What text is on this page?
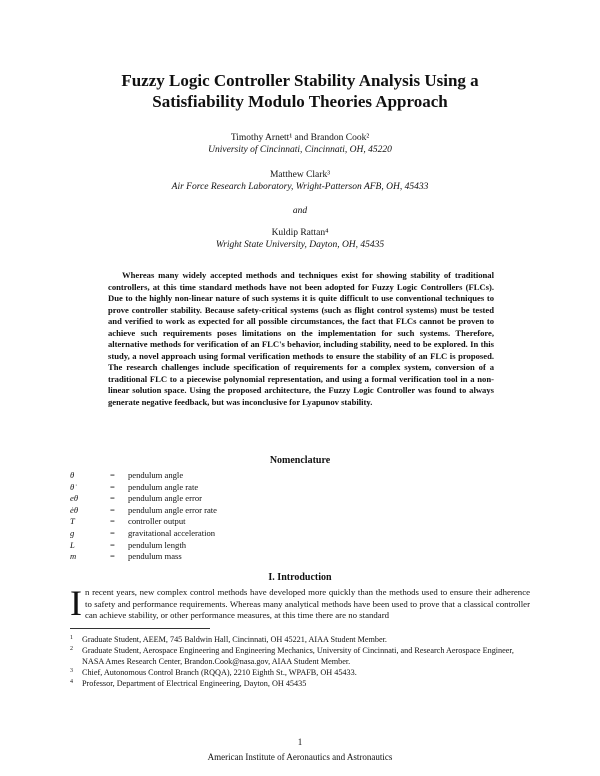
Fuzzy Logic Controller Stability Analysis Using a
Satisfiability Modulo Theories Approach
Timothy Arnett¹ and Brandon Cook²
University of Cincinnati, Cincinnati, OH, 45220
Matthew Clark³
Air Force Research Laboratory, Wright-Patterson AFB, OH, 45433
and
Kuldip Rattan⁴
Wright State University, Dayton, OH, 45435
Whereas many widely accepted methods and techniques exist for showing stability of traditional controllers, at this time standard methods have not been adopted for Fuzzy Logic Controllers (FLCs). Due to the highly non-linear nature of such systems it is quite difficult to use conventional techniques to prove controller stability. Because safety-critical systems (such as flight control systems) must be tested and verified to work as expected for all possible circumstances, the fact that FLCs cannot be proven to achieve such requirements poses limitations on the implementation for such systems. Therefore, alternative methods for verification of an FLC's behavior, including stability, need to be explored. In this study, a novel approach using formal verification methods to ensure the stability of an FLC is proposed. The research challenges include specification of requirements for a complex system, conversion of a traditional FLC to a piecewise polynomial representation, and using a formal verification tool in a non-linear solution space. Using the proposed architecture, the Fuzzy Logic Controller was found to always generate negative feedback, but was inconclusive for Lyapunov stability.
Nomenclature
θ	=	pendulum angle
θ̇	=	pendulum angle rate
eθ	=	pendulum angle error
ėθ	=	pendulum angle error rate
T	=	controller output
g	=	gravitational acceleration
L	=	pendulum length
m	=	pendulum mass
I. Introduction
In recent years, new complex control methods have developed more quickly than the methods used to ensure their adherence to safety and performance requirements. Whereas many analytical methods have been used to prove that a classical controller can achieve stability, or other performance measures, at this time there are no standard
1	Graduate Student, AEEM, 745 Baldwin Hall, Cincinnati, OH 45221, AIAA Student Member.
2	Graduate Student, Aerospace Engineering and Engineering Mechanics, University of Cincinnati, and Research Aerospace Engineer, NASA Ames Research Center, Brandon.Cook@nasa.gov, AIAA Student Member.
3	Chief, Autonomous Control Branch (RQQA), 2210 Eighth St., WPAFB, OH 45433.
4	Professor, Department of Electrical Engineering, Dayton, OH 45435
1
American Institute of Aeronautics and Astronautics
